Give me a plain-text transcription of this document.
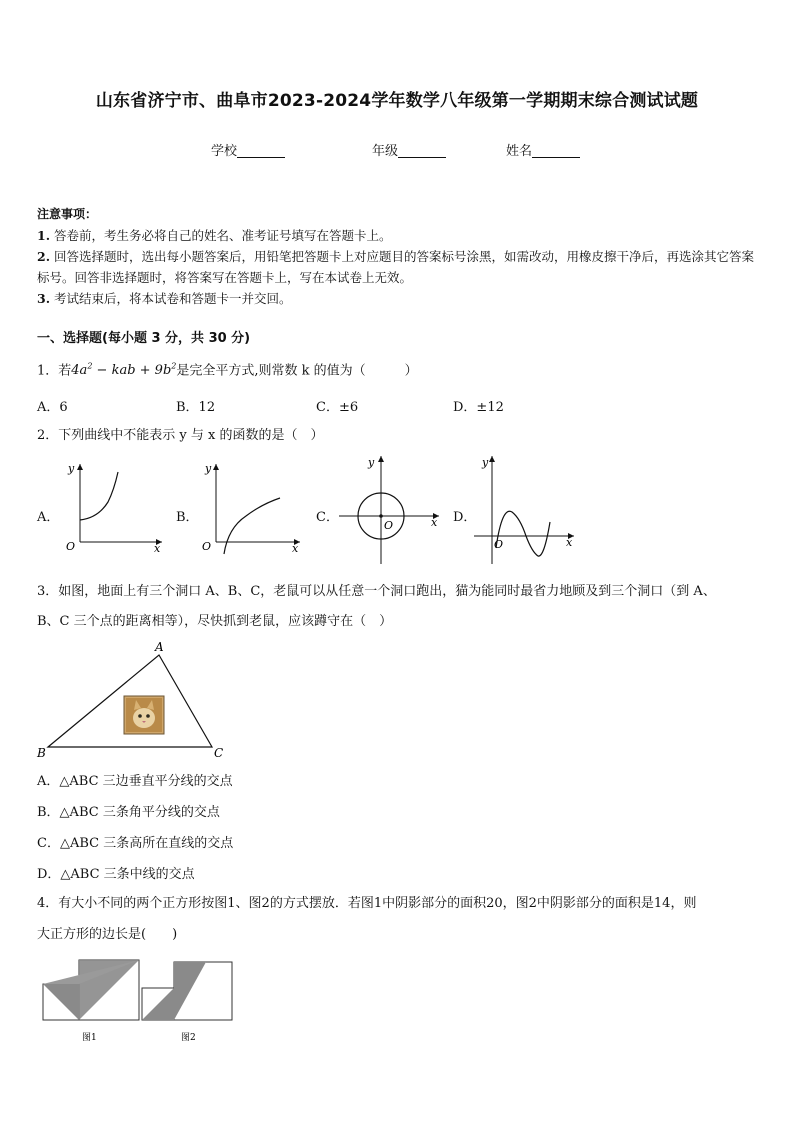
山东省济宁市、曲阜市2023-2024学年数学八年级第一学期期末综合测试试题
学校	年级	姓名
注意事项：
1. 答卷前，考生务必将自己的姓名、准考证号填写在答题卡上。
2. 回答选择题时，选出每小题答案后，用铅笔把答题卡上对应题目的答案标号涂黑，如需改动，用橡皮擦干净后，再选涂其它答案标号。回答非选择题时，将答案写在答题卡上，写在本试卷上无效。
3. 考试结束后，将本试卷和答题卡一并交回。
一、选择题(每小题 3 分，共 30 分)
1．若$4a^2$ − kab + $9b^2$是完全平方式,则常数 k 的值为（　　　）
A．6	B．12	C．±6	D．±12
2．下列曲线中不能表示 y 与 x 的函数的是（　）
A．	B．	C．	D．
O	x
y
O	x
y
O	x
y
O	x
y
3．如图，地面上有三个洞口 A、B、C，老鼠可以从任意一个洞口跑出，猫为能同时最省力地顾及到三个洞口（到 A、
B、C 三个点的距离相等），尽快抓到老鼠，应该蹲守在（　）
A
B	C
A．△ABC 三边垂直平分线的交点
B．△ABC 三条角平分线的交点
C．△ABC 三条高所在直线的交点
D．△ABC 三条中线的交点
4．有大小不同的两个正方形按图1、图2的方式摆放．若图1中阴影部分的面积20，图2中阴影部分的面积是14，则
大正方形的边长是(　　)
图1	图2
